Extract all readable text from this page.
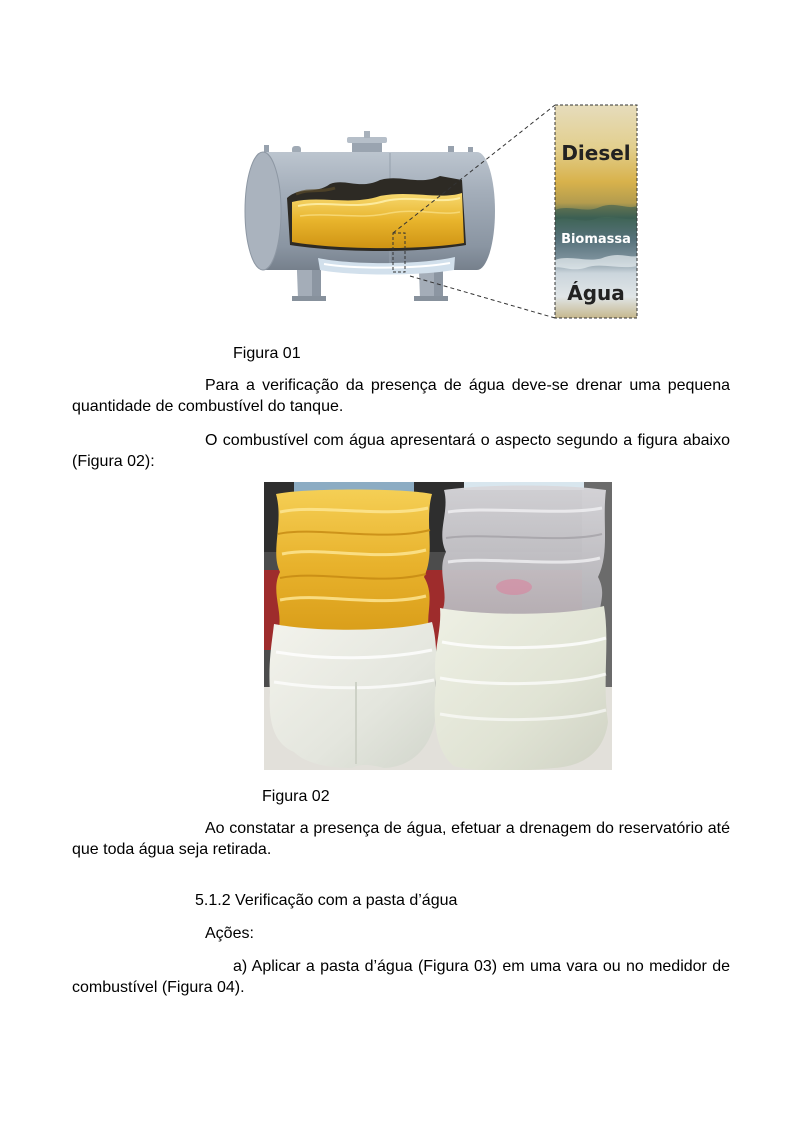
Diesel
Biomassa
Água
Figura 01
Para a verificação da presença de água deve-se drenar uma pequena
quantidade de combustível do tanque.
O combustível com água apresentará o aspecto segundo a figura abaixo
(Figura 02):
Figura 02
Ao constatar a presença de água, efetuar a drenagem do reservatório até
que toda água seja retirada.
5.1.2 Verificação com a pasta d’água
Ações:
a) Aplicar a pasta d’água (Figura 03) em uma vara ou no medidor de
combustível (Figura 04).
